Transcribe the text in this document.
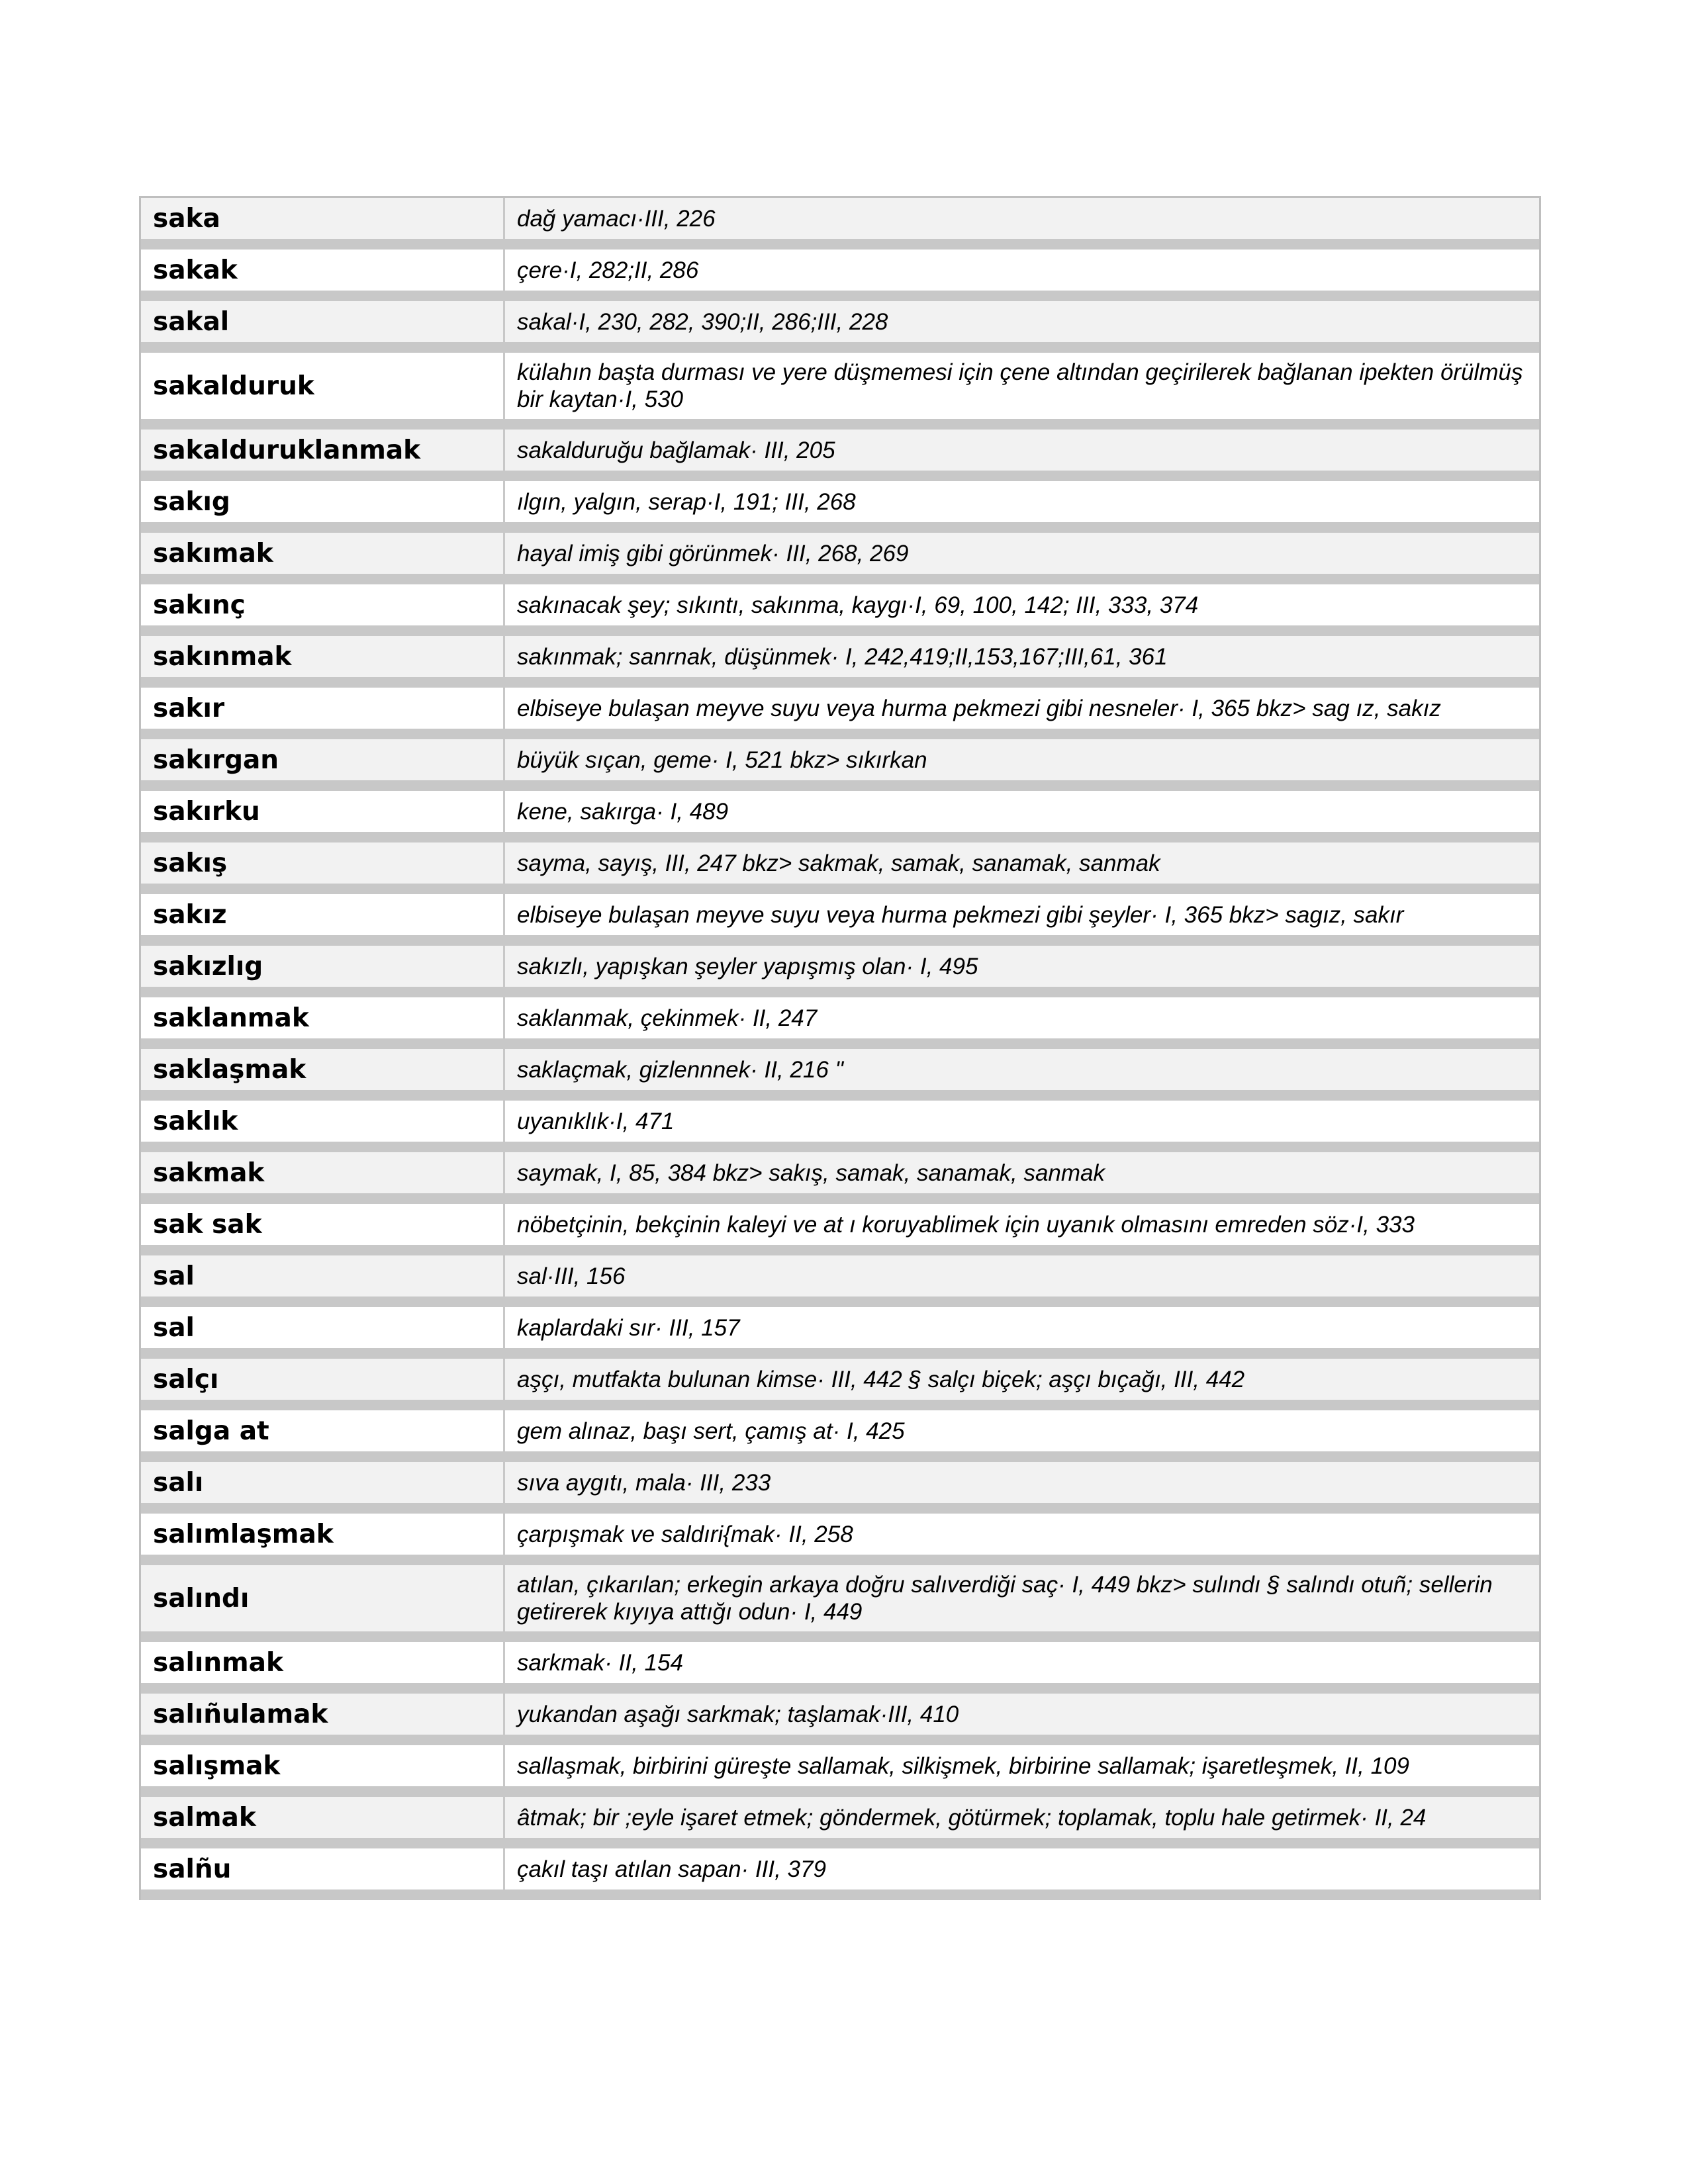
saka	dağ yamacı·III, 226
sakak	çere·I, 282;II, 286
sakal	sakal·I, 230, 282, 390;II, 286;III, 228
sakalduruk	külahın başta durması ve yere düşmemesi için çene altından geçirilerek bağlanan ipekten örülmüş bir kaytan·I, 530
sakalduruklanmak	sakalduruğu bağlamak· III, 205
sakıg	ılgın, yalgın, serap·I, 191; III, 268
sakımak	hayal imiş gibi görünmek· III, 268, 269
sakınç	sakınacak şey; sıkıntı, sakınma, kaygı·I, 69, 100, 142; III, 333, 374
sakınmak	sakınmak; sanrnak, düşünmek· I, 242,419;II,153,167;III,61, 361
sakır	elbiseye bulaşan meyve suyu veya hurma pekmezi gibi nesneler· I, 365 bkz> sag ız, sakız
sakırgan	büyük sıçan, geme· I, 521 bkz> sıkırkan
sakırku	kene, sakırga· I, 489
sakış	sayma, sayış, III, 247 bkz> sakmak, samak, sanamak, sanmak
sakız	elbiseye bulaşan meyve suyu veya hurma pekmezi gibi şeyler· I, 365 bkz> sagız, sakır
sakızlıg	sakızlı, yapışkan şeyler yapışmış olan· I, 495
saklanmak	saklanmak, çekinmek· II, 247
saklaşmak	saklaçmak, gizlennnek· II, 216 "
saklık	uyanıklık·I, 471
sakmak	saymak, I, 85, 384 bkz> sakış, samak, sanamak, sanmak
sak sak	nöbetçinin, bekçinin kaleyi ve at ı koruyablimek için uyanık olmasını emreden söz·I, 333
sal	sal·III, 156
sal	kaplardaki sır· III, 157
salçı	aşçı, mutfakta bulunan kimse· III, 442 § salçı biçek; aşçı bıçağı, III, 442
salga at	gem alınaz, başı sert, çamış at· I, 425
salı	sıva aygıtı, mala· III, 233
salımlaşmak	çarpışmak ve saldıri{mak· II, 258
salındı	atılan, çıkarılan; erkegin arkaya doğru salıverdiği saç· I, 449 bkz> sulındı § salındı otuñ; sellerin getirerek kıyıya attığı odun· I, 449
salınmak	sarkmak· II, 154
salıñulamak	yukandan aşağı sarkmak; taşlamak·III, 410
salışmak	sallaşmak, birbirini güreşte sallamak, silkişmek, birbirine sallamak; işaretleşmek, II, 109
salmak	âtmak; bir ;eyle işaret etmek; göndermek, götürmek; toplamak, toplu hale getirmek· II, 24
salñu	çakıl taşı atılan sapan· III, 379
